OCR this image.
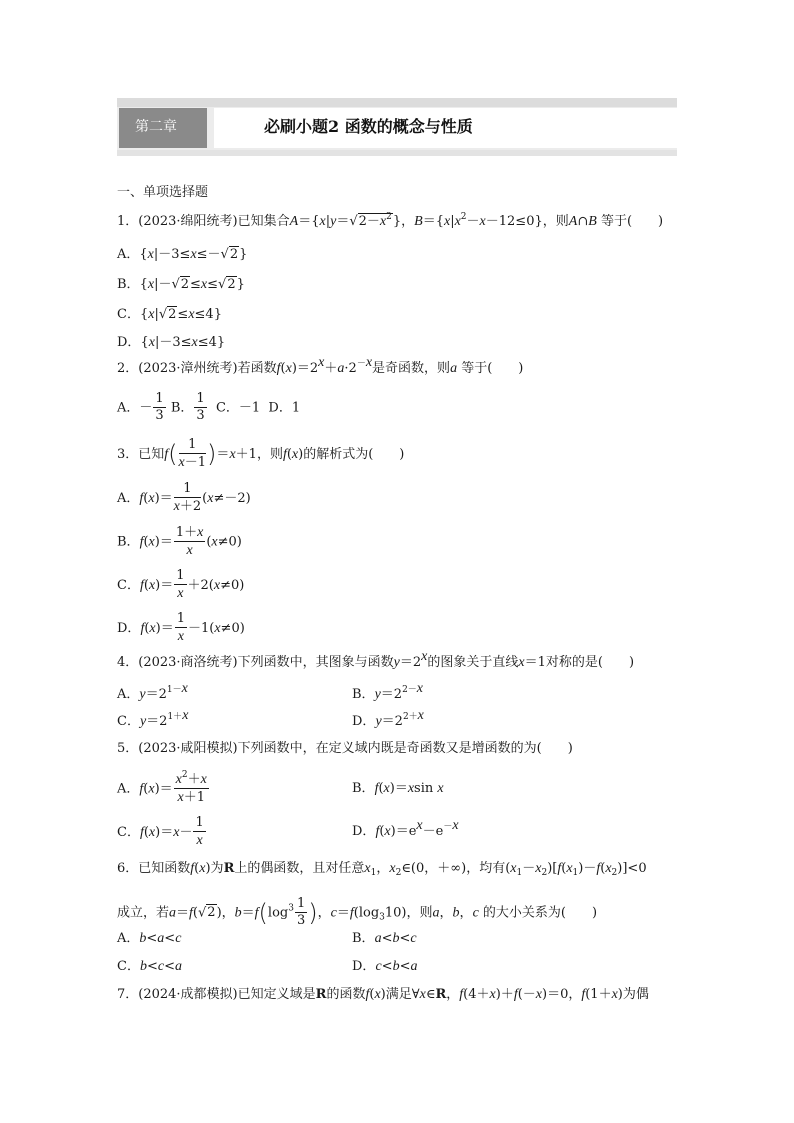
第二章	必刷小题2 函数的概念与性质
一、单项选择题
1．(2023·绵阳统考)已知集合$A=\{x|y=√2-x^2\}$，$B=\{x|x^2-x-12\le 0\}$，则A∩B 等于(　　)
A．{x|－3≤x≤－√2}
B．{x|－√2≤x≤√2}
C．{x|√2≤x≤4}
D．{x|－3≤x≤4}
2．(2023·漳州统考)若函数$f(x)=2^x+a\cdot 2^{-x}$是奇函数，则a 等于(　　)
A．－ $\frac{1}{3}$ B． $\frac{1}{3}$ C．－1 D．1
3．已知$f( \frac{1}{x-1} )=x+1$，则f(x)的解析式为(　　)
A．$f(x)= \frac{1}{x+2} (x\ne-2)$
B．$f(x)= \frac{1+x}{x} (x\ne 0)$
C．$f(x)= \frac{1}{x} +2(x\ne 0)$
D．$f(x)= \frac{1}{x} -1(x\ne 0)$
4．(2023·商洛统考)下列函数中，其图象与函数$y=2^x$的图象关于直线x＝1对称的是(　　)
A．$y=2^{1-x}$	B．$y=2^{2-x}$
C．$y=2^{1+x}$	D．$y=2^{2+x}$
5．(2023·咸阳模拟)下列函数中，在定义域内既是奇函数又是增函数的为(　　)
A．$f(x)= \frac{x^2+x}{x+1}$	B．f(x)＝xsin x
C．$f(x)=x- \frac{1}{x}$	D．$f(x)=e^x-e^{-x}$
6．已知函数f(x)为R上的偶函数，且对任意$x_1$，$x_2\in(0$，＋∞)，均有$(x_1-x_2)[f(x_1)-f(x_2)]<0$
成立，若a＝f(√2)，$b=f(\log^3 \frac{1}{3}$ )，$c=f(\log_310)$，则a，b，c 的大小关系为(　　)
A．b<a<c	B．a<b<c
C．b<c<a	D．c<b<a
7．(2024·成都模拟)已知定义域是R的函数f(x)满足∀x∈R，f(4＋x)＋f(－x)＝0，f(1＋x)为偶
